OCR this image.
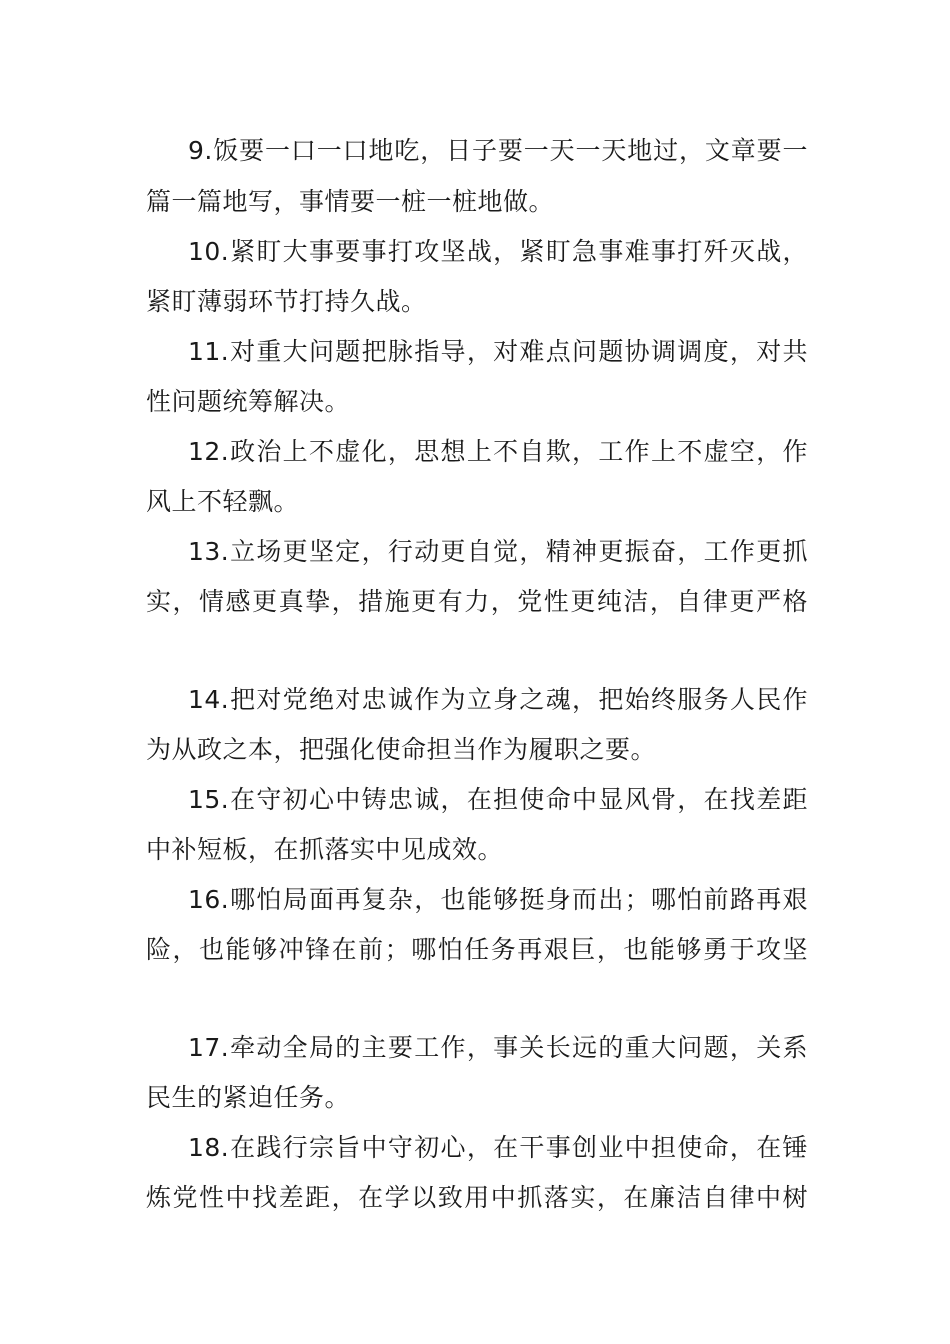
9.饭要一口一口地吃，日子要一天一天地过，文章要一
篇一篇地写，事情要一桩一桩地做。
10.紧盯大事要事打攻坚战，紧盯急事难事打歼灭战，
紧盯薄弱环节打持久战。
11.对重大问题把脉指导，对难点问题协调调度，对共
性问题统筹解决。
12.政治上不虚化，思想上不自欺，工作上不虚空，作
风上不轻飘。
13.立场更坚定，行动更自觉，精神更振奋，工作更抓
实，情感更真挚，措施更有力，党性更纯洁，自律更严格
14.把对党绝对忠诚作为立身之魂，把始终服务人民作
为从政之本，把强化使命担当作为履职之要。
15.在守初心中铸忠诚，在担使命中显风骨，在找差距
中补短板，在抓落实中见成效。
16.哪怕局面再复杂，也能够挺身而出；哪怕前路再艰
险，也能够冲锋在前；哪怕任务再艰巨，也能够勇于攻坚
17.牵动全局的主要工作，事关长远的重大问题，关系
民生的紧迫任务。
18.在践行宗旨中守初心，在干事创业中担使命，在锤
炼党性中找差距，在学以致用中抓落实，在廉洁自律中树
